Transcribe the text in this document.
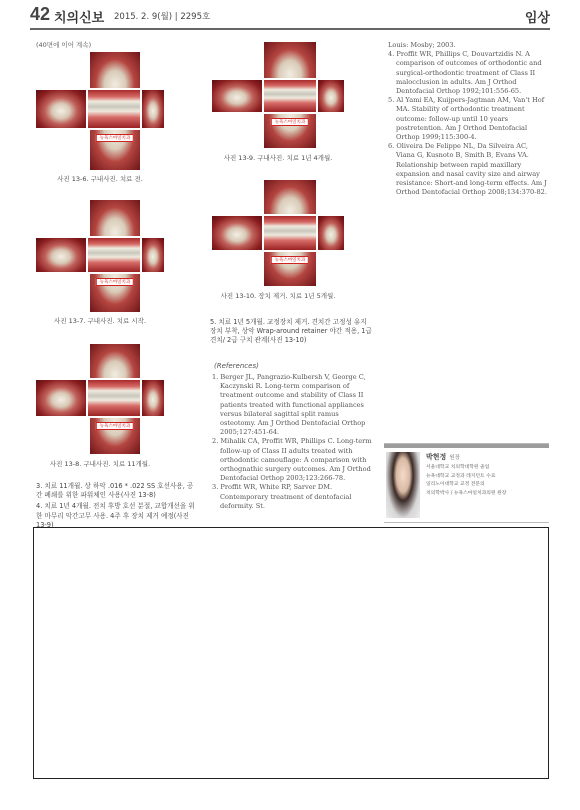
42 치의신보 2015. 2. 9(월) | 2295호	임상
(40면에 이어 계속)
뉴욕스마일치과
사진 13-6. 구내사진. 치료 전.
뉴욕스마일치과
사진 13-7. 구내사진. 치료 시작.
뉴욕스마일치과
사진 13-8. 구내사진. 치료 11개월.

3. 치료 11개월. 상 하악 .016 * .022 SS 호선사용, 공간 폐쇄를 위한 파워체인 사용(사진 13-8)

4. 치료 1년 4개월. 전치 후방 호선 분절, 교합개선을 위한 마무리 악간고무 사용. 4주 후 장치 제거 예정(사진 13-9)

뉴욕스마일치과
사진 13-9. 구내사진. 치료 1년 4개월.
뉴욕스마일치과
사진 13-10. 장치 제거. 치료 1년 5개월.

5. 치료 1년 5개월. 교정장치 제거. 견치간 고정성 유지 장치 부착, 상악 Wrap-around retainer 야간 적용, 1급 견치/ 2급 구치 관계(사진 13-10)

(References)

1. Berger JL, Pangrazio-Kulbersh V, George C, Kaczynski R. Long-term comparison of treatment outcome and stability of Class II patients treated with functional appliances versus bilateral sagittal split ramus osteotomy. Am J Orthod Dentofacial Orthop 2005;127:451-64.

2. Mihalik CA, Proffit WR, Phillips C. Long-term follow-up of Class II adults treated with orthodontic camouflage: A comparison with orthognathic surgery outcomes. Am J Orthod Dentofacial Orthop 2003;123:266-78.

3. Proffit WR, White RP, Sarver DM. Contemporary treatment of dentofacial deformity. St.

Louis: Mosby; 2003.

4. Proffit WR, Phillips C, Douvartzidis N. A comparison of outcomes of orthodontic and surgical-orthodontic treatment of Class II malocclusion in adults. Am J Orthod Dentofacial Orthop 1992;101:556-65.

5. Al Yami EA, Kuijpers-Jagtman AM, Van't Hof MA. Stability of orthodontic treatment outcome: follow-up until 10 years postretention. Am J Orthod Dentofacial Orthop 1999;115:300-4.

6. Oliveira De Felippe NL, Da Silveira AC, Viana G, Kusnoto B, Smith B, Evans VA. Relationship between rapid maxillary expansion and nasal cavity size and airway resistance: Short-and long-term effects. Am J Orthod Dentofacial Orthop 2008;134:370-82.

박현정 원장
서울대학교 치의학대학원 졸업
뉴욕대학교 교정과 레지던트 수료
일리노이대학교 교정 전문의
치의학박사 / 뉴욕스마일치과의원 원장
